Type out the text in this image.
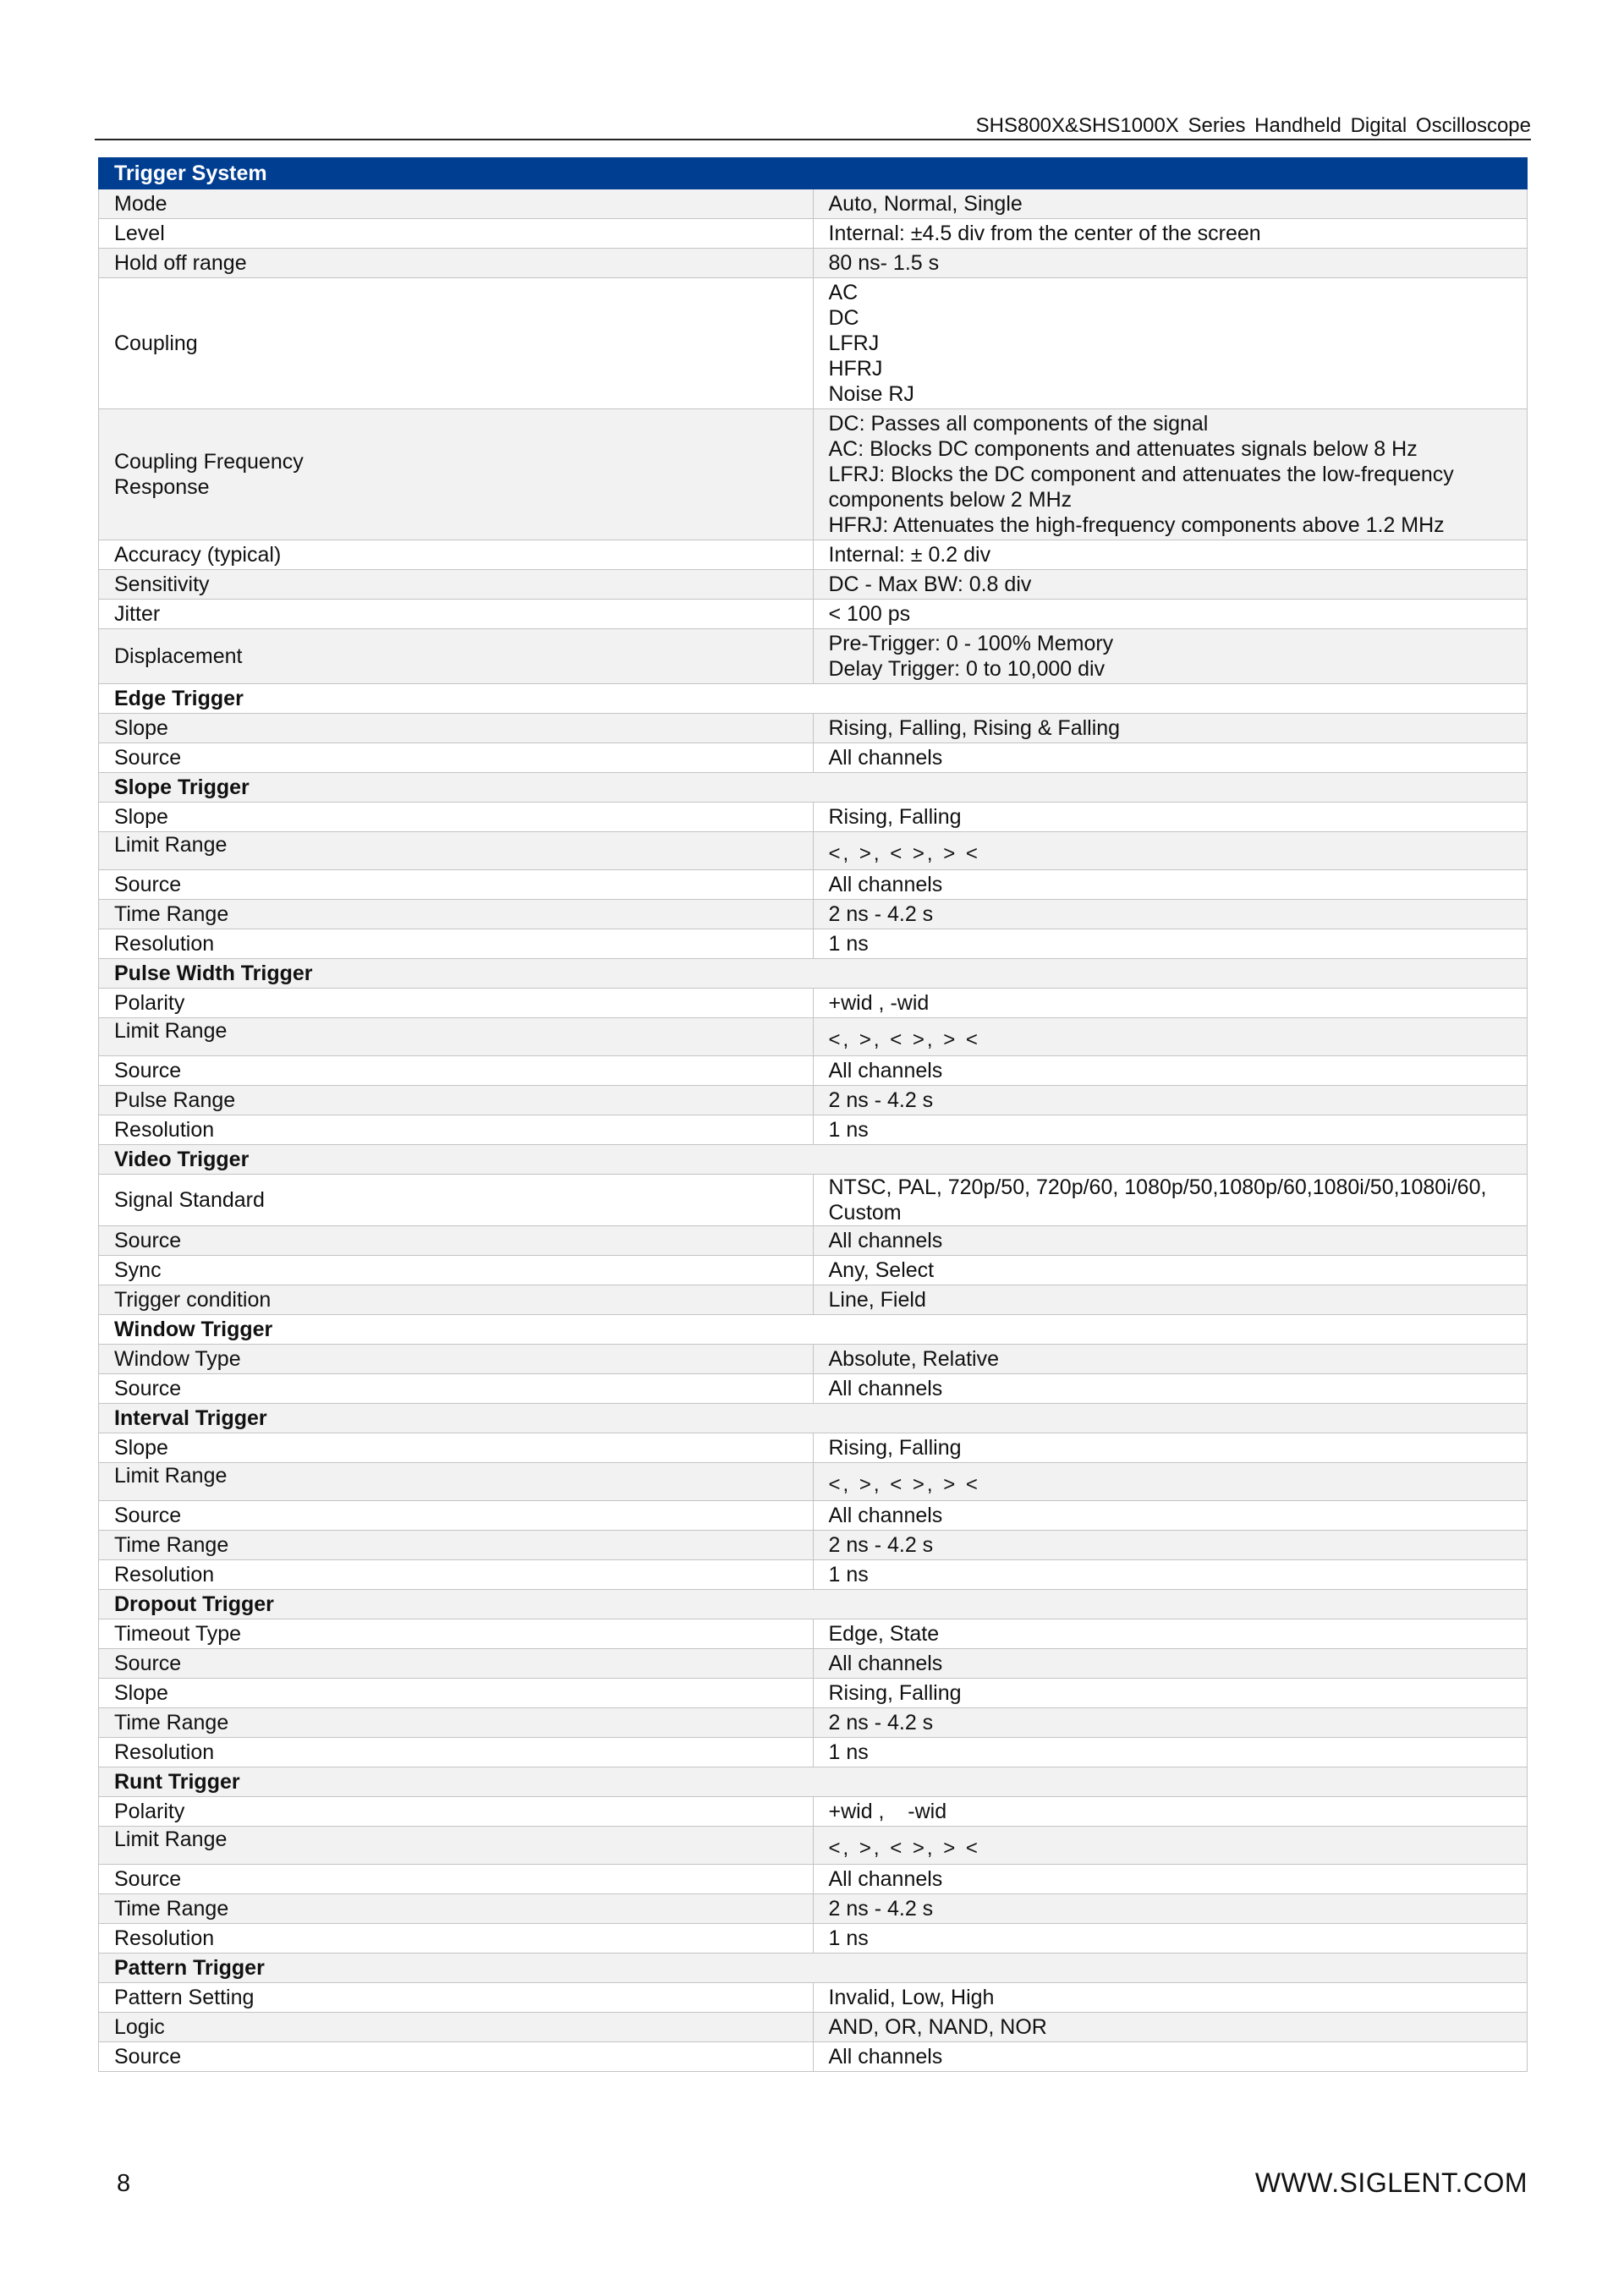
SHS800X&SHS1000X Series Handheld Digital Oscilloscope
Trigger System	
Mode	Auto, Normal, Single
Level	Internal: ±4.5 div from the center of the screen
Hold off range	80 ns- 1.5 s
Coupling	AC
DC
LFRJ
HFRJ
Noise RJ

Coupling Frequency
Response	DC: Passes all components of the signal
AC: Blocks DC components and attenuates signals below 8 Hz
LFRJ: Blocks the DC component and attenuates the low-frequency
components below 2 MHz
HFRJ: Attenuates the high-frequency components above 1.2 MHz

Accuracy (typical)	Internal: ± 0.2 div
Sensitivity	DC - Max BW: 0.8 div
Jitter	< 100 ps
Displacement	Pre-Trigger: 0 - 100% Memory
Delay Trigger: 0 to 10,000 div

Edge Trigger	
Slope	Rising, Falling, Rising & Falling
Source	All channels
Slope Trigger	
Slope	Rising, Falling
Limit Range	<, >, < >, > <
Source	All channels
Time Range	2 ns - 4.2 s
Resolution	1 ns
Pulse Width Trigger	
Polarity	+wid , -wid
Limit Range	<, >, < >, > <
Source	All channels
Pulse Range	2 ns - 4.2 s
Resolution	1 ns
Video Trigger	
Signal Standard	NTSC, PAL, 720p/50, 720p/60, 1080p/50,1080p/60,1080i/50,1080i/60, Custom
Source	All channels
Sync	Any, Select
Trigger condition	Line, Field
Window Trigger	
Window Type	Absolute, Relative
Source	All channels
Interval Trigger	
Slope	Rising, Falling
Limit Range	<, >, < >, > <
Source	All channels
Time Range	2 ns - 4.2 s
Resolution	1 ns
Dropout Trigger	
Timeout Type	Edge, State
Source	All channels
Slope	Rising, Falling
Time Range	2 ns - 4.2 s
Resolution	1 ns
Runt Trigger	
Polarity	+wid ,    -wid
Limit Range	<, >, < >, > <
Source	All channels
Time Range	2 ns - 4.2 s
Resolution	1 ns
Pattern Trigger	
Pattern Setting	Invalid, Low, High
Logic	AND, OR, NAND, NOR
Source	All channels
8	WWW.SIGLENT.COM
